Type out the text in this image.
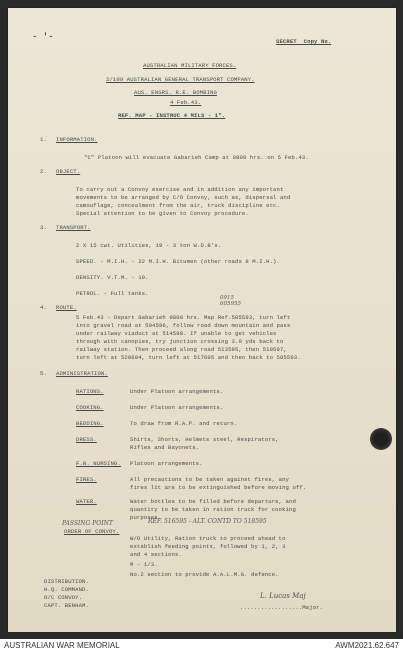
- '-	SECRET  Copy No.
AUSTRALIAN MILITARY FORCES.
2/109 AUSTRALIAN GENERAL TRANSPORT COMPANY.
AUS. ENGRS. R.E. BOMBING
4 Feb.43.
REF. MAP - INSTRUC 4 MILS - 1".
1. INFORMATION.
"C" Platoon will evacuate Gabarieh Camp at 0800 hrs. on 5 Feb.43.
2. OBJECT.
To carry out a Convoy exercise and in addition any important
movements to be arranged by C/O Convoy, such as, dispersal and
camouflage, concealment from the air, truck discipline etc.
Special attention to be given to Convoy procedure.
3. TRANSPORT.
2 X 15 cwt. Utilities, 19 - 3 ton W.D.B's.
SPEED. - M.I.H. - 22 M.I.H. Bitumen (other roads 8 M.I.H.).
DENSITY. V.T.M. - 10.
PETROL. - Full tanks.
4. ROUTE.
0915 605955
5 Feb.43 - Depart Gabarieh 0800 hrs. Map Ref.505593, turn left
into gravel road at 504596, follow road down mountain and pass
under railway viaduct at 514598. If unable to get vehicles
through with canopies, try junction crossing 3.0 yds back to
railway station. Then proceed along road 513595, then 510597,
turn left at 528604, turn left at 517605 and then back to 505593.
5. ADMINISTRATION.
RATIONS.	Under Platoon arrangements.
COOKING.	Under Platoon arrangements.
BEDDING.	To draw from R.A.P. and return.
DRESS.	Shirts, Shorts, Helmets steel, Respirators,
Rifles and Bayonets.
F.B. NURSING. Platoon arrangements.
FIRES.	All precautions to be taken against fires, any
fires lit are to be extinguished before moving off.
WATER.	Water bottles to be filled before departure, and
quantity to be taken in ration truck for cooking
purposes.
PASSING POINT	REF. 516595 - ALT. CONTD TO 518595
ORDER OF CONVOY.
W/O Utility, Ration truck to proceed ahead to
establish feeding points, followed by 1, 2, 3
and 4 sections.
M - 1/3.
No.2 section to provide A.A.L.M.G. defence.
DISTRIBUTION.
H.Q. COMMAND.
O/C CONVOY.
CAPT. BENHAM.
L. Lucas Maj
..................Major.
AUSTRALIAN WAR MEMORIAL	AWM2021.62.647
